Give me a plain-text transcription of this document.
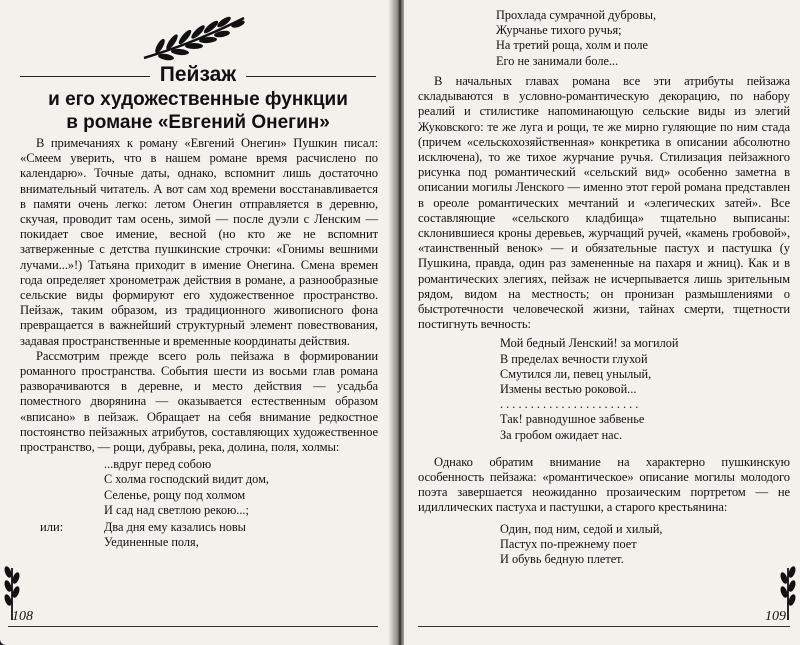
Пейзаж
и его художественные функции
в романе «Евгений Онегин»

В примечаниях к роману «Евгений Онегин» Пушкин писал: «Смеем уверить, что в нашем романе время расчислено по календарю». Точные даты, однако, вспомнит лишь достаточно внимательный читатель. А вот сам ход времени восстанавливается в памяти очень легко: летом Онегин отправляется в деревню, скучая, проводит там осень, зимой — после дуэли с Ленским — покидает свое имение, весной (но кто же не вспомнит затверженные с детства пушкинские строчки: «Гонимы вешними лучами...»!) Татьяна приходит в имение Онегина. Смена времен года определяет хронометраж действия в романе, а разнообразные сельские виды формируют его художественное пространство. Пейзаж, таким образом, из традиционного живописного фона превращается в важнейший структурный элемент повествования, задавая пространственные и временные координаты действия.

Рассмотрим прежде всего роль пейзажа в формировании романного пространства. События шести из восьми глав романа разворачиваются в деревне, и место действия — усадьба поместного дворянина — оказывается естественным образом «вписано» в пейзаж. Обращает на себя внимание редкостное постоянство пейзажных атрибутов, составляющих художественное пространство, — рощи, дубравы, река, долина, поля, холмы:

...вдруг перед собою
С холма господский видит дом,
Селенье, рощу под холмом
И сад над светлою рекою...;
или:	Два дня ему казались новы
Уединенные поля,
108
Прохлада сумрачной дубровы,
Журчанье тихого ручья;
На третий роща, холм и поле
Его не занимали боле...

В начальных главах романа все эти атрибуты пейзажа складываются в условно-романтическую декорацию, по набору реалий и стилистике напоминающую сельские виды из элегий Жуковского: те же луга и рощи, те же мирно гуляющие по ним стада (причем «сельскохозяйственная» конкретика в описании абсолютно исключена), то же тихое журчание ручья. Стилизация пейзажного рисунка под романтический «сельский вид» особенно заметна в описании могилы Ленского — именно этот герой романа представлен в ореоле романтических мечтаний и «элегических затей». Все составляющие «сельского кладбища» тщательно выписаны: склонившиеся кроны деревьев, журчащий ручей, «камень гробовой», «таинственный венок» — и обязательные пастух и пастушка (у Пушкина, правда, один раз замененные на пахаря и жниц). Как и в романтических элегиях, пейзаж не исчерпывается лишь зрительным рядом, видом на местность; он пронизан размышлениями о быстротечности человеческой жизни, тайнах смерти, тщетности постигнуть вечность:

Мой бедный Ленский! за могилой
В пределах вечности глухой
Смутился ли, певец унылый,
Измены вестью роковой...
. . . . . . . . . . . . . . . . . . . . . . .
Так! равнодушное забвенье
За гробом ожидает нас.

Однако обратим внимание на характерно пушкинскую особенность пейзажа: «романтическое» описание могилы молодого поэта завершается неожиданно прозаическим портретом — не идиллических пастуха и пастушки, а старого крестьянина:

Один, под ним, седой и хилый,
Пастух по-прежнему поет
И обувь бедную плетет.
109
